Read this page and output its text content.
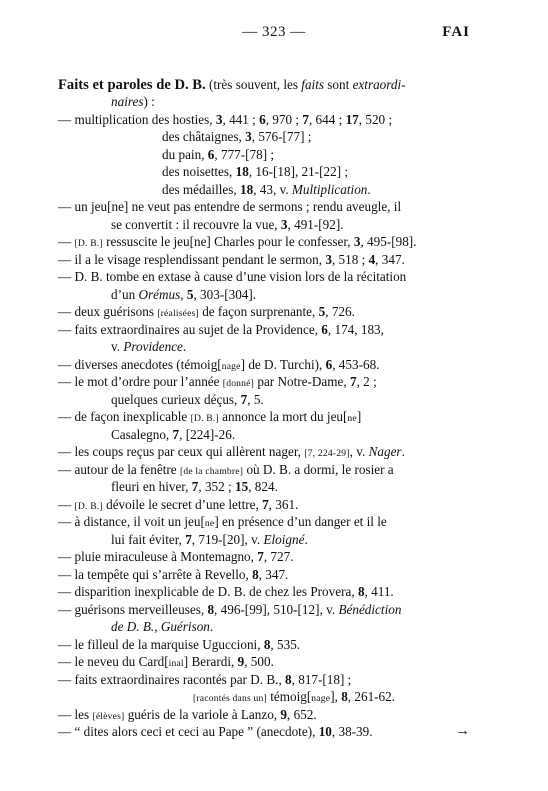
— 323 —	FAI
Faits et paroles de D. B. (très souvent, les faits sont extraordi-
naires) :
— multiplication des hosties, 3, 441 ; 6, 970 ; 7, 644 ; 17, 520 ;
des châtaignes, 3, 576-[77] ;
du pain, 6, 777-[78] ;
des noisettes, 18, 16-[18], 21-[22] ;
des médailles, 18, 43, v. Multiplication.
— un jeu[ne] ne veut pas entendre de sermons ; rendu aveugle, il
se convertit : il recouvre la vue, 3, 491-[92].
— [D. B.] ressuscite le jeu[ne] Charles pour le confesser, 3, 495-[98].
— il a le visage resplendissant pendant le sermon, 3, 518 ; 4, 347.
— D. B. tombe en extase à cause d’une vision lors de la récitation
d’un Orémus, 5, 303-[304].
— deux guérisons [réalisées] de façon surprenante, 5, 726.
— faits extraordinaires au sujet de la Providence, 6, 174, 183,
v. Providence.
— diverses anecdotes (témoig[nage] de D. Turchi), 6, 453-68.
— le mot d’ordre pour l’année [donné] par Notre-Dame, 7, 2 ;
quelques curieux déçus, 7, 5.
— de façon inexplicable [D. B.] annonce la mort du jeu[ne]
Casalegno, 7, [224]-26.
— les coups reçus par ceux qui allèrent nager, [7, 224-29], v. Nager.
— autour de la fenêtre [de la chambre] où D. B. a dormi, le rosier a
fleuri en hiver, 7, 352 ; 15, 824.
— [D. B.] dévoile le secret d’une lettre, 7, 361.
— à distance, il voit un jeu[ne] en présence d’un danger et il le
lui fait éviter, 7, 719-[20], v. Eloigné.
— pluie miraculeuse à Montemagno, 7, 727.
— la tempête qui s’arrête à Revello, 8, 347.
— disparition inexplicable de D. B. de chez les Provera, 8, 411.
— guérisons merveilleuses, 8, 496-[99], 510-[12], v. Bénédiction
de D. B., Guérison.
— le filleul de la marquise Uguccioni, 8, 535.
— le neveu du Card[inal] Berardi, 9, 500.
— faits extraordinaires racontés par D. B., 8, 817-[18] ;
[racontés dans un] témoig[nage], 8, 261-62.
— les [élèves] guéris de la variole à Lanzo, 9, 652.
— “ dites alors ceci et ceci au Pape ” (anecdote), 10, 38-39.	→
